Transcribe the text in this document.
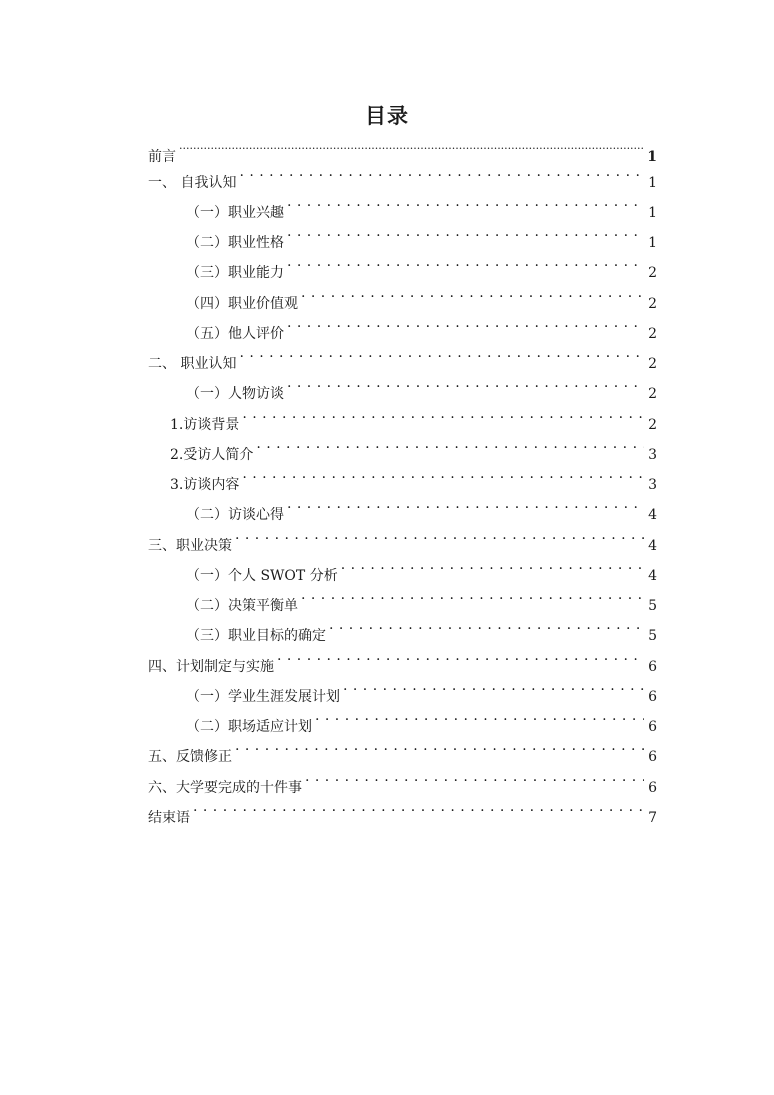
目录
前言 .....	1
一、 自我认知 . . .	1
（一）职业兴趣 . . .	1
（二）职业性格 . . .	1
（三）职业能力 . . .	2
（四）职业价值观 . . .	2
（五）他人评价 . . .	2
二、 职业认知 . . .	2
（一）人物访谈 . . .	2
1.访谈背景 . . .	2
2.受访人简介 . . .	3
3.访谈内容 . . .	3
（二）访谈心得 . . .	4
三、职业决策 . . .	4
（一）个人 SWOT 分析 . . .	4
（二）决策平衡单 . . .	5
（三）职业目标的确定 . . .	5
四、计划制定与实施 . . .	6
（一）学业生涯发展计划 . . .	6
（二）职场适应计划 . . .	6
五、反馈修正 . . .	6
六、大学要完成的十件事 . . .	6
结束语 . . .	7
